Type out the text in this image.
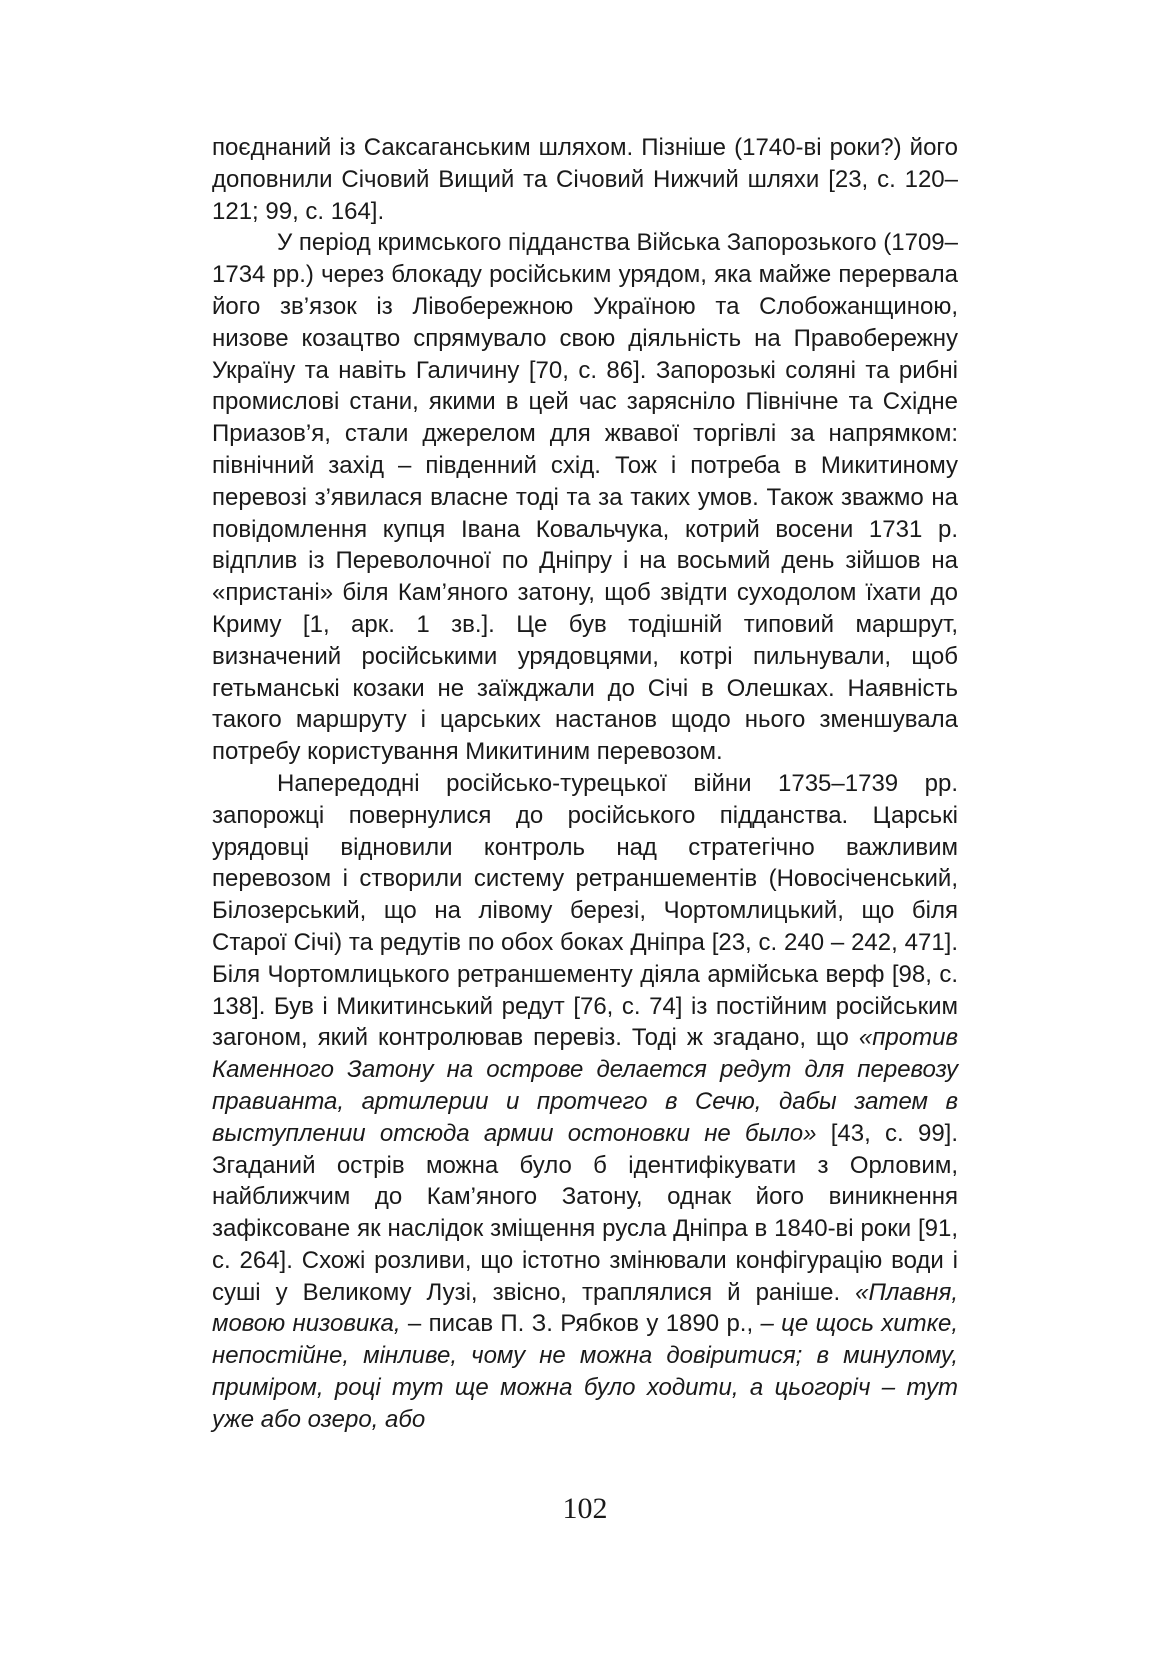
поєднаний із Саксаганським шляхом. Пізніше (1740-ві роки?) його доповнили Січовий Вищий та Січовий Нижчий шляхи [23, с. 120–121; 99, с. 164].

У період кримського підданства Війська Запорозького (1709–1734 рр.) через блокаду російським урядом, яка майже перервала його зв’язок із Лівобережною Україною та Слобожанщиною, низове козацтво спрямувало свою діяльність на Правобережну Україну та навіть Галичину [70, с. 86]. Запорозькі соляні та рибні промислові стани, якими в цей час зарясніло Північне та Східне Приазов’я, стали джерелом для жвавої торгівлі за напрямком: північний захід – південний схід. Тож і потреба в Микитиному перевозі з’явилася власне тоді та за таких умов. Також зважмо на повідомлення купця Івана Ковальчука, котрий восени 1731 р. відплив із Переволочної по Дніпру і на восьмий день зійшов на «пристані» біля Кам’яного затону, щоб звідти суходолом їхати до Криму [1, арк. 1 зв.]. Це був тодішній типовий маршрут, визначений російськими урядовцями, котрі пильнували, щоб гетьманські козаки не заїжджали до Січі в Олешках. Наявність такого маршруту і царських настанов щодо нього зменшувала потребу користування Микитиним перевозом.

Напередодні російсько-турецької війни 1735–1739 рр. запорожці повернулися до російського підданства. Царські урядовці відновили контроль над стратегічно важливим перевозом і створили систему ретраншементів (Новосіченський, Білозерський, що на лівому березі, Чортомлицький, що біля Старої Січі) та редутів по обох боках Дніпра [23, с. 240 – 242, 471]. Біля Чортомлицького ретраншементу діяла армійська верф [98, с. 138]. Був і Микитинський редут [76, с. 74] із постійним російським загоном, який контролював перевіз. Тоді ж згадано, що «против Каменного Затону на острове делается редут для перевозу правианта, артилерии и протчего в Сечю, дабы затем в выступлении отсюда армии остоновки не было» [43, с. 99]. Згаданий острів можна було б ідентифікувати з Орловим, найближчим до Кам’яного Затону, однак його виникнення зафіксоване як наслідок зміщення русла Дніпра в 1840-ві роки [91, с. 264]. Схожі розливи, що істотно змінювали конфігурацію води і суші у Великому Лузі, звісно, траплялися й раніше. «Плавня, мовою низовика, – писав П. З. Рябков у 1890 р., – це щось хитке, непостійне, мінливе, чому не можна довіритися; в минулому, приміром, році тут ще можна було ходити, а цьогоріч – тут уже або озеро, або

102
